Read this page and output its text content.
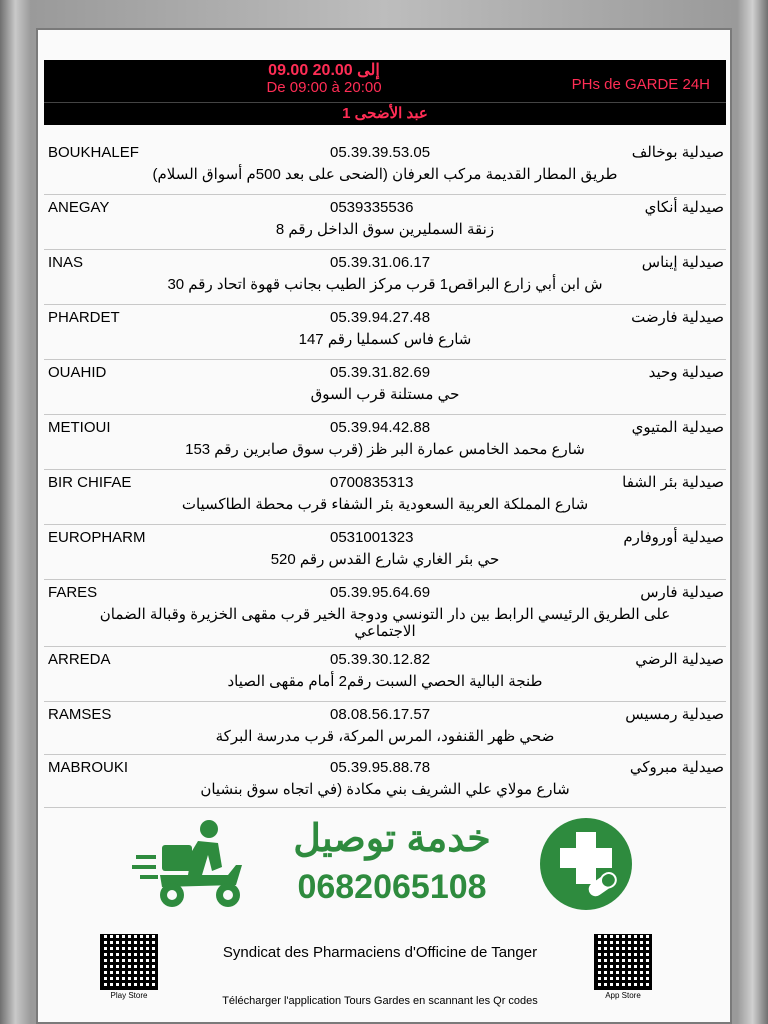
09.00 إلى 20.00
De 09:00 à 20:00	PHs de GARDE 24H
عبد الأضحى 1
BOUKHALEF	05.39.39.53.05	صيدلية بوخالف
طريق المطار القديمة مركب العرفان (الضحى على بعد 500م أسواق السلام)
ANEGAY	0539335536	صيدلية أنكاي
زنقة السمليرين سوق الداخل رقم 8
INAS	05.39.31.06.17	صيدلية إيناس
ش ابن أبي زارع البراقص1 قرب مركز الطيب بجانب قهوة اتحاد رقم 30
PHARDET	05.39.94.27.48	صيدلية فارضت
شارع فاس كسمليا رقم 147
OUAHID	05.39.31.82.69	صيدلية وحيد
حي مستلنة قرب السوق
METIOUI	05.39.94.42.88	صيدلية المتيوي
شارع محمد الخامس عمارة البر ظز (قرب سوق صابرين رقم 153
BIR CHIFAE	0700835313	صيدلية بئر الشفا
شارع المملكة العربية السعودية بئر الشفاء قرب محطة الطاكسيات
EUROPHARM	0531001323	صيدلية أوروفارم
حي بئر الغاري شارع القدس رقم 520
FARES	05.39.95.64.69	صيدلية فارس
على الطريق الرئيسي الرابط بين دار التونسي ودوجة الخير قرب مقهى الخزيرة وقبالة الضمان الاجتماعي
ARREDA	05.39.30.12.82	صيدلية الرضي
طنجة البالية الحصي السبت رقم2 أمام مقهى الصياد
RAMSES	08.08.56.17.57	صيدلية رمسيس
ضحي ظهر القنفود، المرس المركة، قرب مدرسة البركة
MABROUKI	05.39.95.88.78	صيدلية مبروكي
شارع مولاي علي الشريف بني مكادة (في اتجاه سوق بنشيان
خدمة توصيل
0682065108
Play Store	App Store
Syndicat des Pharmaciens d'Officine de Tanger
Télécharger l'application Tours Gardes en scannant les Qr codes
